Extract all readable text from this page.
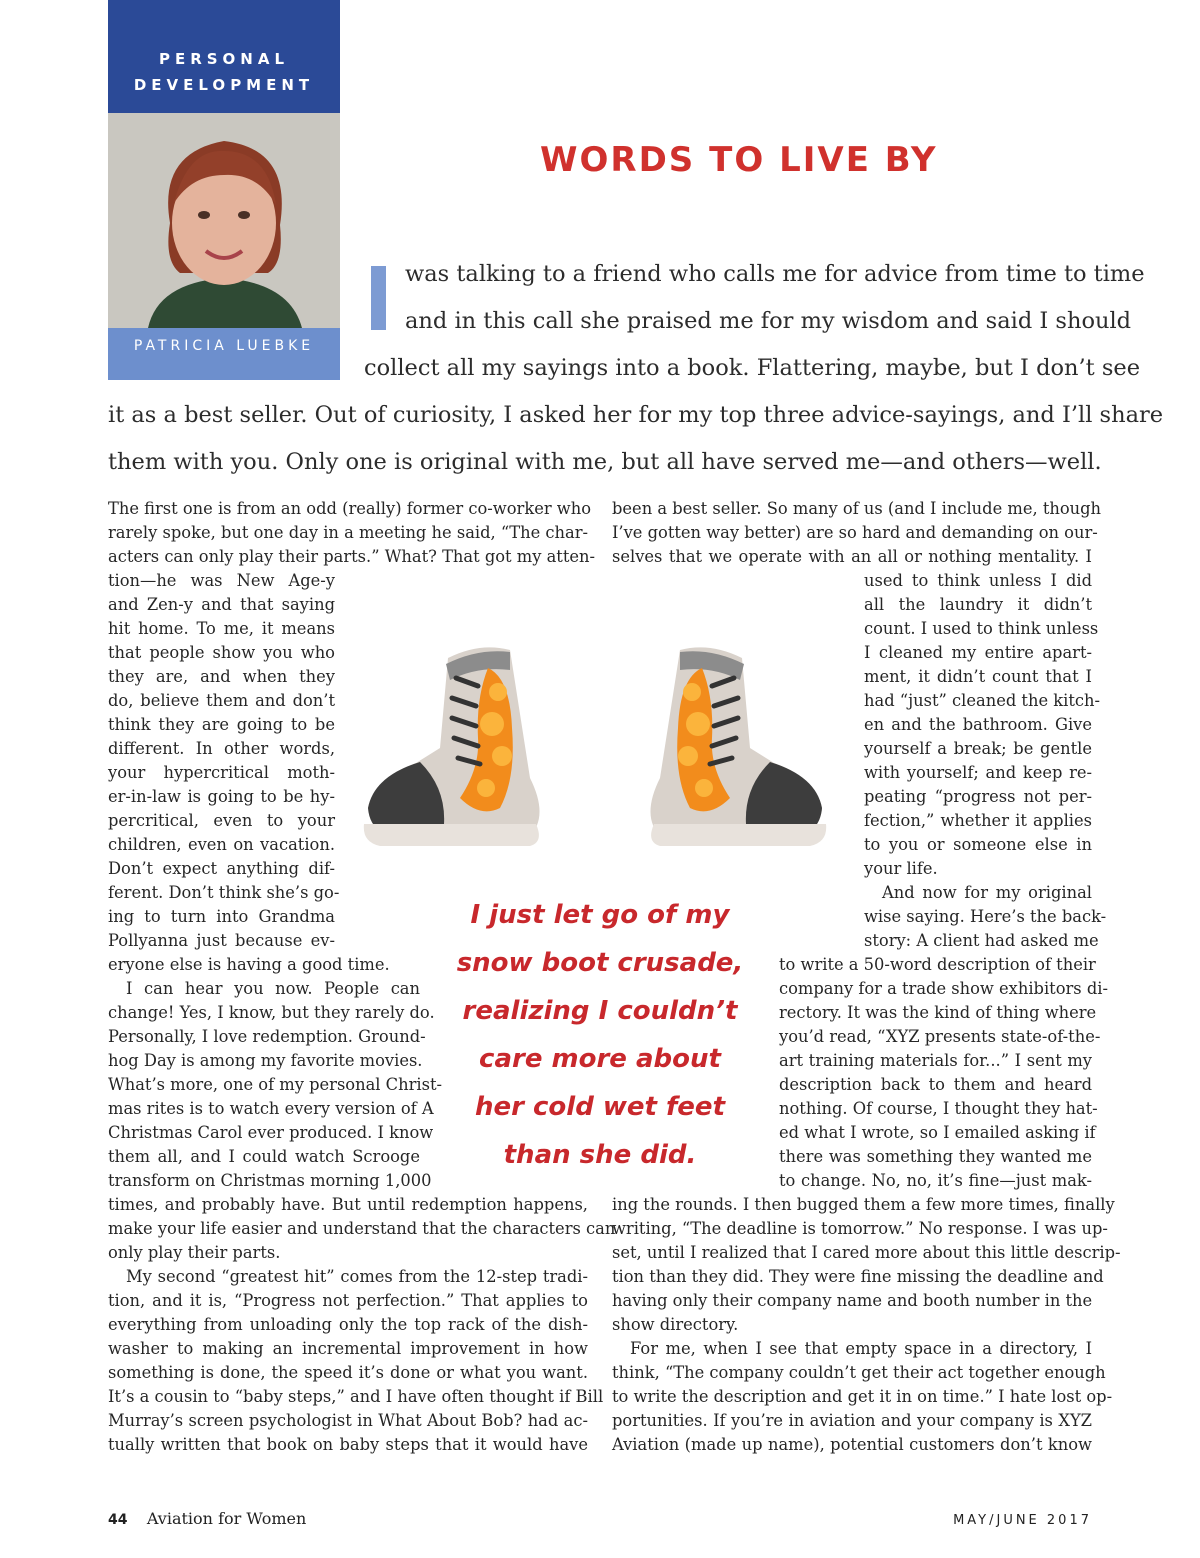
PERSONAL
DEVELOPMENT
PATRICIA LUEBKE
WORDS TO LIVE BY
was talking to a friend who calls me for advice from time to time
and in this call she praised me for my wisdom and said I should
collect all my sayings into a book. Flattering, maybe, but I don’t see
it as a best seller. Out of curiosity, I asked her for my top three advice-sayings, and I’ll share
them with you. Only one is original with me, but all have served me—and others—well.

The first one is from an odd (really) former co-worker who

rarely spoke, but one day in a meeting he said, “The char-

acters can only play their parts.” What? That got my atten-

tion—he was New Age-y

and Zen-y and that saying

hit home. To me, it means

that people show you who

they are, and when they

do, believe them and don’t

think they are going to be

different. In other words,

your hypercritical moth-

er-in-law is going to be hy-

percritical, even to your

children, even on vacation.

Don’t expect anything dif-

ferent. Don’t think she’s go-

ing to turn into Grandma

Pollyanna just because ev-

eryone else is having a good time.

I can hear you now. People can

change! Yes, I know, but they rarely do.

Personally, I love redemption. Ground-

hog Day is among my favorite movies.

What’s more, one of my personal Christ-

mas rites is to watch every version of A

Christmas Carol ever produced. I know

them all, and I could watch Scrooge

transform on Christmas morning 1,000

times, and probably have. But until redemption happens,

make your life easier and understand that the characters can

only play their parts.

My second “greatest hit” comes from the 12-step tradi-

tion, and it is, “Progress not perfection.” That applies to

everything from unloading only the top rack of the dish-

washer to making an incremental improvement in how

something is done, the speed it’s done or what you want.

It’s a cousin to “baby steps,” and I have often thought if Bill

Murray’s screen psychologist in What About Bob? had ac-

tually written that book on baby steps that it would have

been a best seller. So many of us (and I include me, though

I’ve gotten way better) are so hard and demanding on our-

selves that we operate with an all or nothing mentality. I

used to think unless I did

all the laundry it didn’t

count. I used to think unless

I cleaned my entire apart-

ment, it didn’t count that I

had “just” cleaned the kitch-

en and the bathroom. Give

yourself a break; be gentle

with yourself; and keep re-

peating “progress not per-

fection,” whether it applies

to you or someone else in

your life.

And now for my original

wise saying. Here’s the back-

story: A client had asked me

to write a 50-word description of their

company for a trade show exhibitors di-

rectory. It was the kind of thing where

you’d read, “XYZ presents state-of-the-

art training materials for...” I sent my

description back to them and heard

nothing. Of course, I thought they hat-

ed what I wrote, so I emailed asking if

there was something they wanted me

to change. No, no, it’s fine—just mak-

ing the rounds. I then bugged them a few more times, finally

writing, “The deadline is tomorrow.” No response. I was up-

set, until I realized that I cared more about this little descrip-

tion than they did. They were fine missing the deadline and

having only their company name and booth number in the

show directory.

For me, when I see that empty space in a directory, I

think, “The company couldn’t get their act together enough

to write the description and get it in on time.” I hate lost op-

portunities. If you’re in aviation and your company is XYZ

Aviation (made up name), potential customers don’t know

I just let go of my
snow boot crusade,
realizing I couldn’t
care more about
her cold wet feet
than she did.
44 Aviation for Women	MAY/JUNE 2017
